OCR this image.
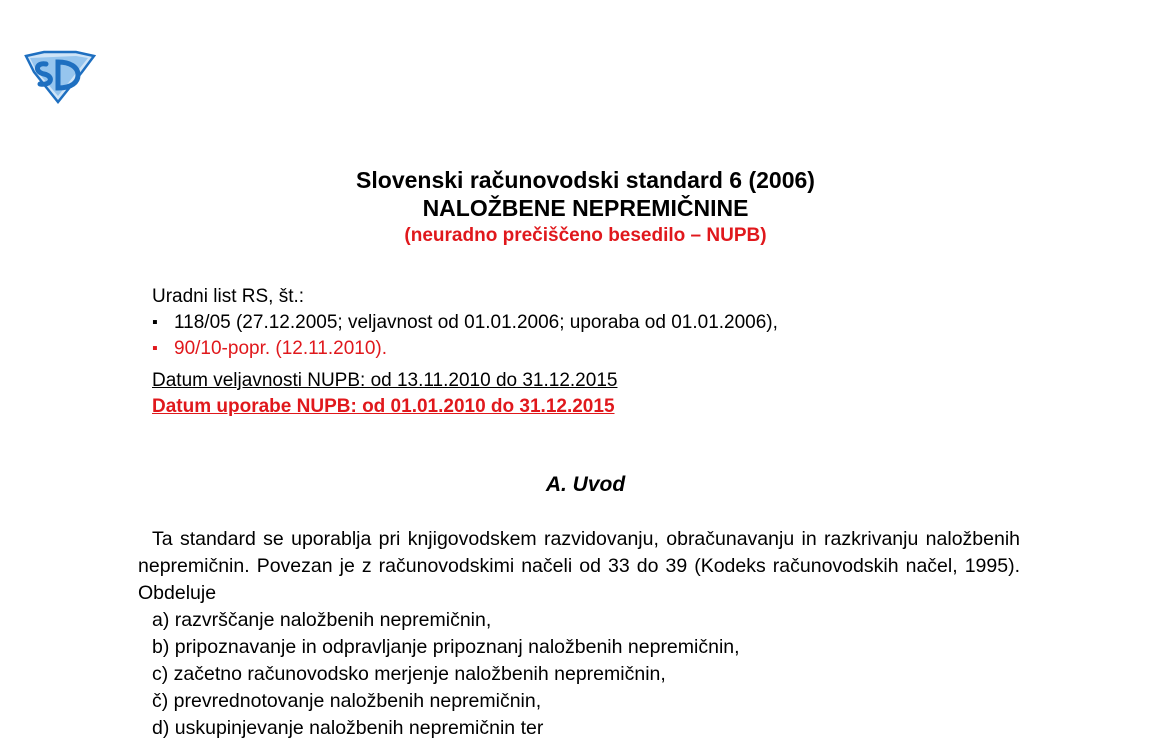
Slovenski računovodski standard 6 (2006)
NALOŽBENE NEPREMIČNINE
(neuradno prečiščeno besedilo – NUPB)
Uradni list RS, št.:
▪ 118/05 (27.12.2005; veljavnost od 01.01.2006; uporaba od 01.01.2006),
▪ 90/10-popr. (12.11.2010).
Datum veljavnosti NUPB: od 13.11.2010 do 31.12.2015
Datum uporabe NUPB: od 01.01.2010 do 31.12.2015
A. Uvod
Ta standard se uporablja pri knjigovodskem razvidovanju, obračunavanju in razkrivanju naložbenih nepremičnin. Povezan je z računovodskimi načeli od 33 do 39 (Kodeks računovodskih načel, 1995). Obdeluje
a) razvrščanje naložbenih nepremičnin,
b) pripoznavanje in odpravljanje pripoznanj naložbenih nepremičnin,
c) začetno računovodsko merjenje naložbenih nepremičnin,
č) prevrednotovanje naložbenih nepremičnin,
d) uskupinjevanje naložbenih nepremičnin ter
